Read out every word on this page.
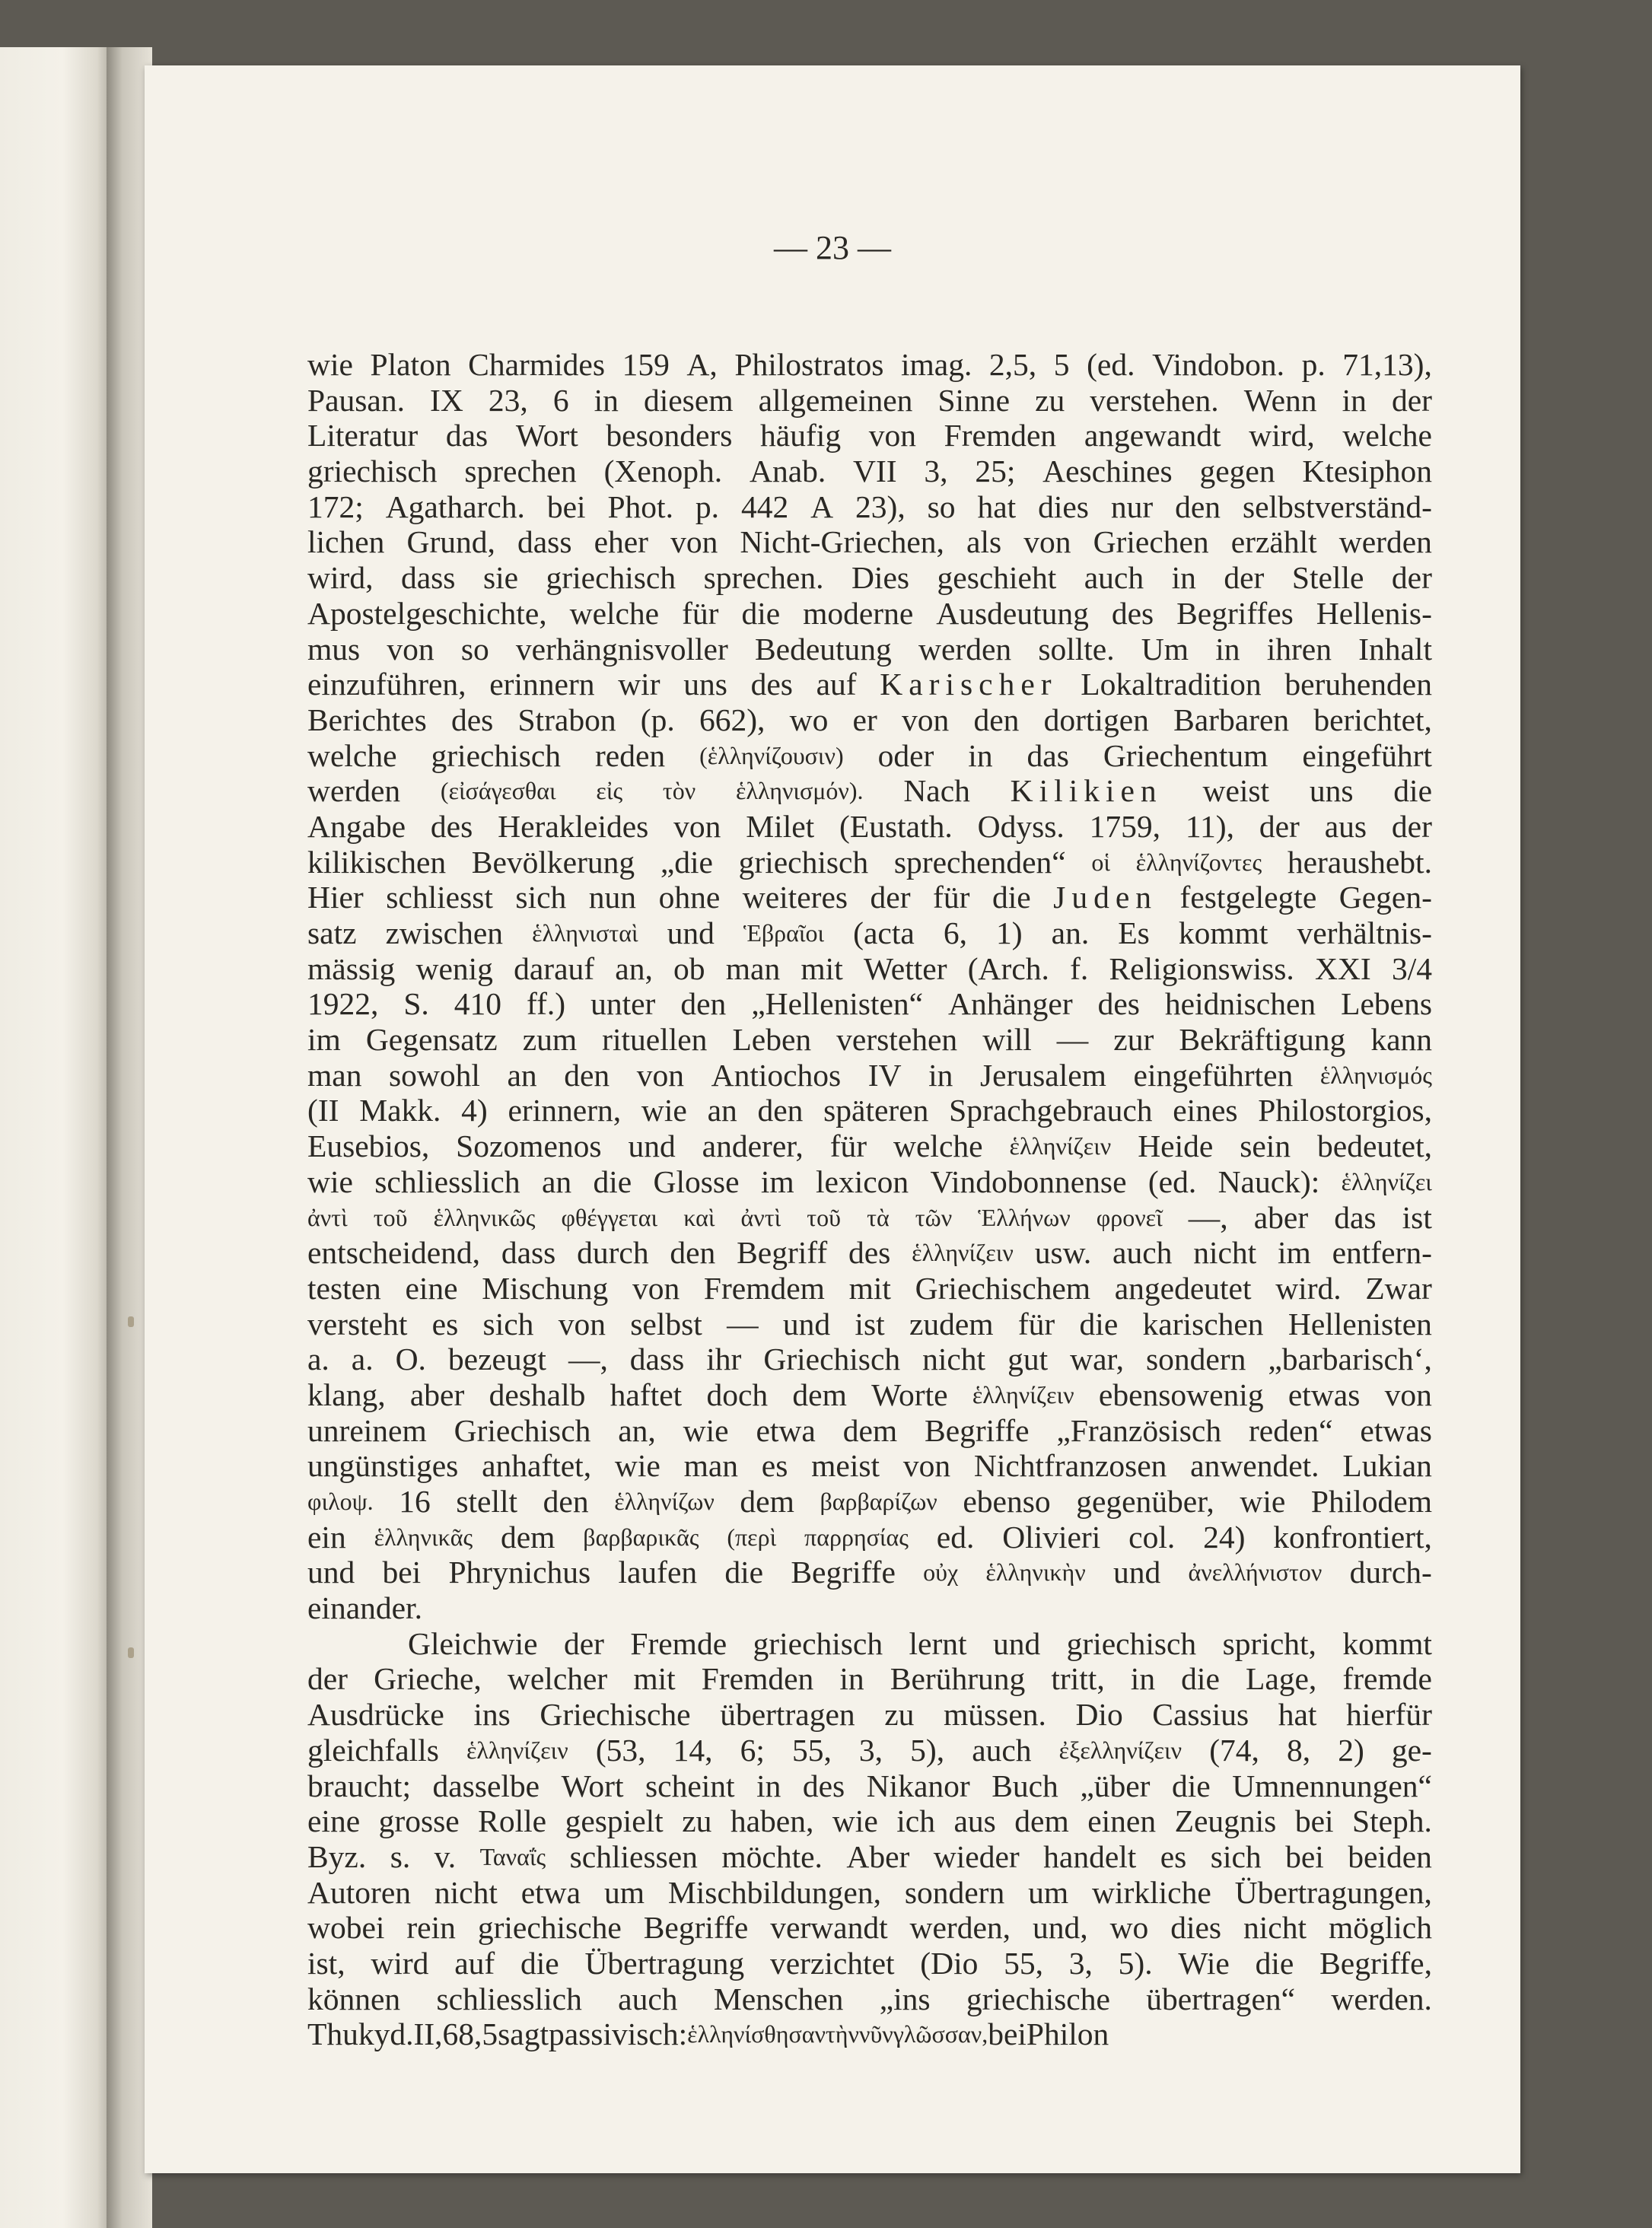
— 23 —
wie Platon Charmides 159 A, Philostratos imag. 2,5, 5 (ed. Vindobon. p. 71,13),
Pausan. IX 23, 6 in diesem allgemeinen Sinne zu verstehen. Wenn in der
Literatur das Wort besonders häufig von Fremden angewandt wird, welche
griechisch sprechen (Xenoph. Anab. VII 3, 25; Aeschines gegen Ktesiphon
172; Agatharch. bei Phot. p. 442 A 23), so hat dies nur den selbstverständ-
lichen Grund, dass eher von Nicht-Griechen, als von Griechen erzählt werden
wird, dass sie griechisch sprechen. Dies geschieht auch in der Stelle der
Apostelgeschichte, welche für die moderne Ausdeutung des Begriffes Hellenis-
mus von so verhängnisvoller Bedeutung werden sollte. Um in ihren Inhalt
einzuführen, erinnern wir uns des auf Karischer Lokaltradition beruhenden
Berichtes des Strabon (p. 662), wo er von den dortigen Barbaren berichtet,
welche griechisch reden (ἑλληνίζουσιν) oder in das Griechentum eingeführt
werden (εἰσάγεσθαι εἰς τὸν ἑλληνισμόν). Nach Kilikien weist uns die
Angabe des Herakleides von Milet (Eustath. Odyss. 1759, 11), der aus der
kilikischen Bevölkerung „die griechisch sprechenden“ οἱ ἑλληνίζοντες heraushebt.
Hier schliesst sich nun ohne weiteres der für die Juden festgelegte Gegen-
satz zwischen ἑλληνισταὶ und Ἑβραῖοι (acta 6, 1) an. Es kommt verhältnis-
mässig wenig darauf an, ob man mit Wetter (Arch. f. Religionswiss. XXI 3/4
1922, S. 410 ff.) unter den „Hellenisten“ Anhänger des heidnischen Lebens
im Gegensatz zum rituellen Leben verstehen will — zur Bekräftigung kann
man sowohl an den von Antiochos IV in Jerusalem eingeführten ἑλληνισμός
(II Makk. 4) erinnern, wie an den späteren Sprachgebrauch eines Philostorgios,
Eusebios, Sozomenos und anderer, für welche ἑλληνίζειν Heide sein bedeutet,
wie schliesslich an die Glosse im lexicon Vindobonnense (ed. Nauck): ἑλληνίζει
ἀντὶ τοῦ ἑλληνικῶς φθέγγεται καὶ ἀντὶ τοῦ τὰ τῶν Ἑλλήνων φρονεῖ —, aber das ist
entscheidend, dass durch den Begriff des ἑλληνίζειν usw. auch nicht im entfern-
testen eine Mischung von Fremdem mit Griechischem angedeutet wird. Zwar
versteht es sich von selbst — und ist zudem für die karischen Hellenisten
a. a. O. bezeugt —, dass ihr Griechisch nicht gut war, sondern „barbarisch‘,
klang, aber deshalb haftet doch dem Worte ἑλληνίζειν ebensowenig etwas von
unreinem Griechisch an, wie etwa dem Begriffe „Französisch reden“ etwas
ungünstiges anhaftet, wie man es meist von Nichtfranzosen anwendet. Lukian
φιλοψ. 16 stellt den ἑλληνίζων dem βαρβαρίζων ebenso gegenüber, wie Philodem
ein ἑλληνικᾶς dem βαρβαρικᾶς (περὶ παρρησίας ed. Olivieri col. 24) konfrontiert,
und bei Phrynichus laufen die Begriffe οὐχ ἑλληνικὴν und ἀνελλήνιστον durch-
einander.
Gleichwie der Fremde griechisch lernt und griechisch spricht, kommt
der Grieche, welcher mit Fremden in Berührung tritt, in die Lage, fremde
Ausdrücke ins Griechische übertragen zu müssen. Dio Cassius hat hierfür
gleichfalls ἑλληνίζειν (53, 14, 6; 55, 3, 5), auch ἐξελληνίζειν (74, 8, 2) ge-
braucht; dasselbe Wort scheint in des Nikanor Buch „über die Umnennungen“
eine grosse Rolle gespielt zu haben, wie ich aus dem einen Zeugnis bei Steph.
Byz. s. v. Ταναΐς schliessen möchte. Aber wieder handelt es sich bei beiden
Autoren nicht etwa um Mischbildungen, sondern um wirkliche Übertragungen,
wobei rein griechische Begriffe verwandt werden, und, wo dies nicht möglich
ist, wird auf die Übertragung verzichtet (Dio 55, 3, 5). Wie die Begriffe,
können schliesslich auch Menschen „ins griechische übertragen“ werden.
Thukyd. II, 68, 5 sagt passivisch: ἑλληνίσθησαν τὴν νῦν γλῶσσαν, bei Philon
